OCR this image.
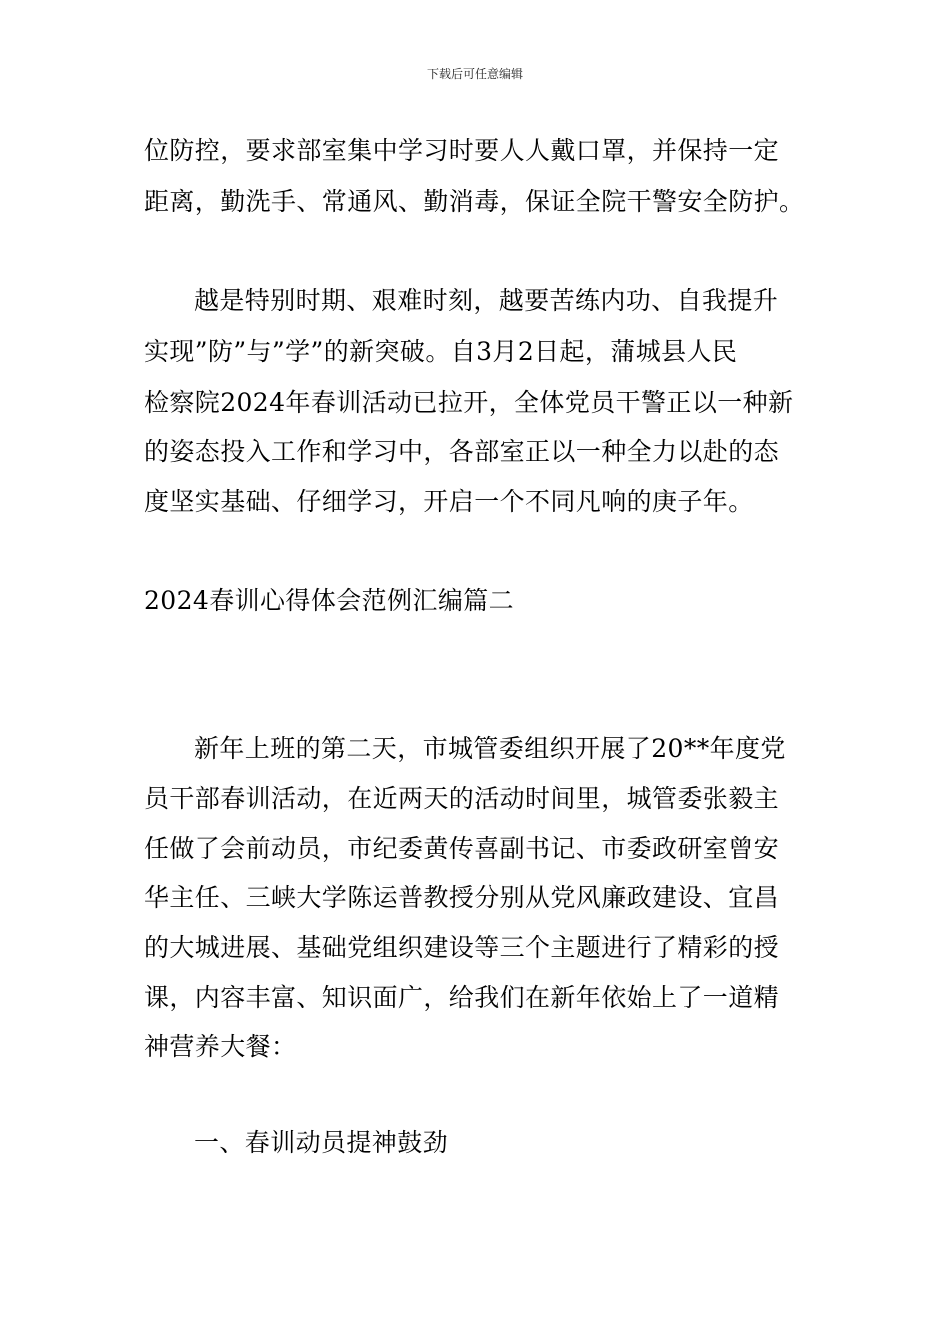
下载后可任意编辑
位防控，要求部室集中学习时要人人戴口罩，并保持一定
距离，勤洗手、常通风、勤消毒，保证全院干警安全防护。
越是特别时期、艰难时刻，越要苦练内功、自我提升
实现”防”与”学”的新突破。自3月2日起，蒲城县人民
检察院2024年春训活动已拉开，全体党员干警正以一种新
的姿态投入工作和学习中，各部室正以一种全力以赴的态
度坚实基础、仔细学习，开启一个不同凡响的庚子年。
2024春训心得体会范例汇编篇二
新年上班的第二天，市城管委组织开展了20**年度党
员干部春训活动，在近两天的活动时间里，城管委张毅主
任做了会前动员，市纪委黄传喜副书记、市委政研室曾安
华主任、三峡大学陈运普教授分别从党风廉政建设、宜昌
的大城进展、基础党组织建设等三个主题进行了精彩的授
课，内容丰富、知识面广，给我们在新年依始上了一道精
神营养大餐：
一、春训动员提神鼓劲
